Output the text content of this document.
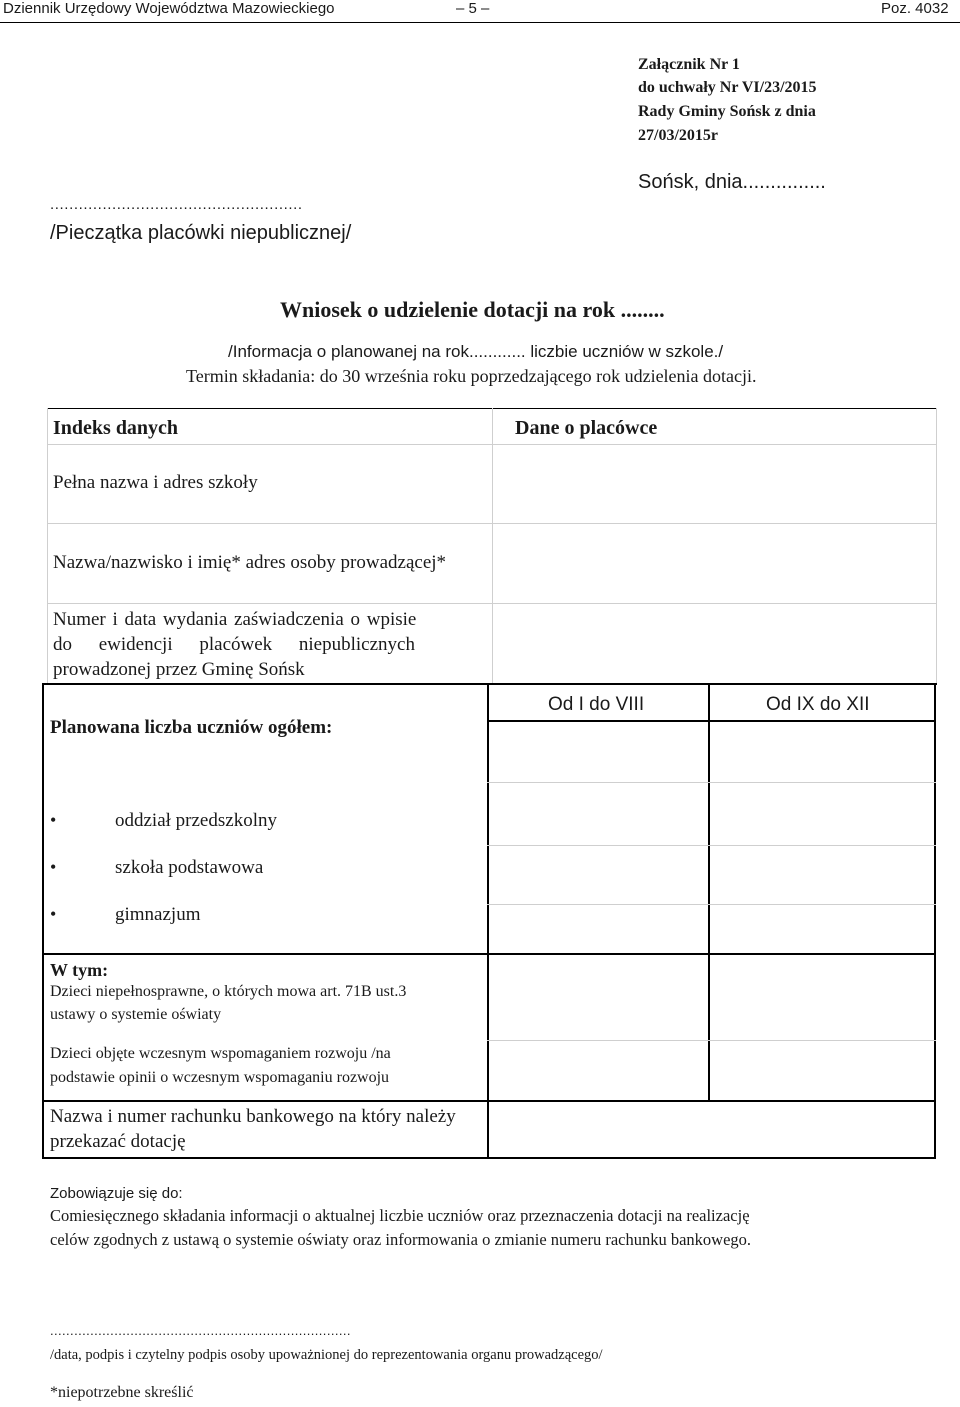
Dziennik Urzędowy Województwa Mazowieckiego	– 5 –	Poz. 4032
Załącznik Nr 1
do uchwały Nr VI/23/2015
Rady Gminy Sońsk z dnia
27/03/2015r
Sońsk, dnia...............
.....................................................
/Pieczątka placówki niepublicznej/
Wniosek o udzielenie dotacji na rok ........
/Informacja o planowanej na rok............ liczbie uczniów w szkole./
Termin składania: do 30 września roku poprzedzającego rok udzielenia dotacji.
Indeks danych	Dane o placówce
Pełna nazwa i adres szkoły
Nazwa/nazwisko i imię* adres osoby prowadzącej*
Numer i data wydania zaświadczenia o wpisie
do ewidencji placówek niepublicznych
prowadzonej przez Gminę Sońsk
Planowana liczba uczniów ogółem:
Od I do VIII	Od IX do XII
•	oddział przedszkolny
•	szkoła podstawowa
•	gimnazjum
W tym:
Dzieci niepełnosprawne, o których mowa art. 71B ust.3
ustawy o systemie oświaty
Dzieci objęte wczesnym wspomaganiem rozwoju /na
podstawie opinii o wczesnym wspomaganiu rozwoju
Nazwa i numer rachunku bankowego na który należy
przekazać dotację
Zobowiązuje się do:
Comiesięcznego składania informacji o aktualnej liczbie uczniów oraz przeznaczenia dotacji na realizację
celów zgodnych z ustawą o systemie oświaty oraz informowania o zmianie numeru rachunku bankowego.
...........................................................................
/data, podpis i czytelny podpis osoby upoważnionej do reprezentowania organu prowadzącego/
*niepotrzebne skreślić
